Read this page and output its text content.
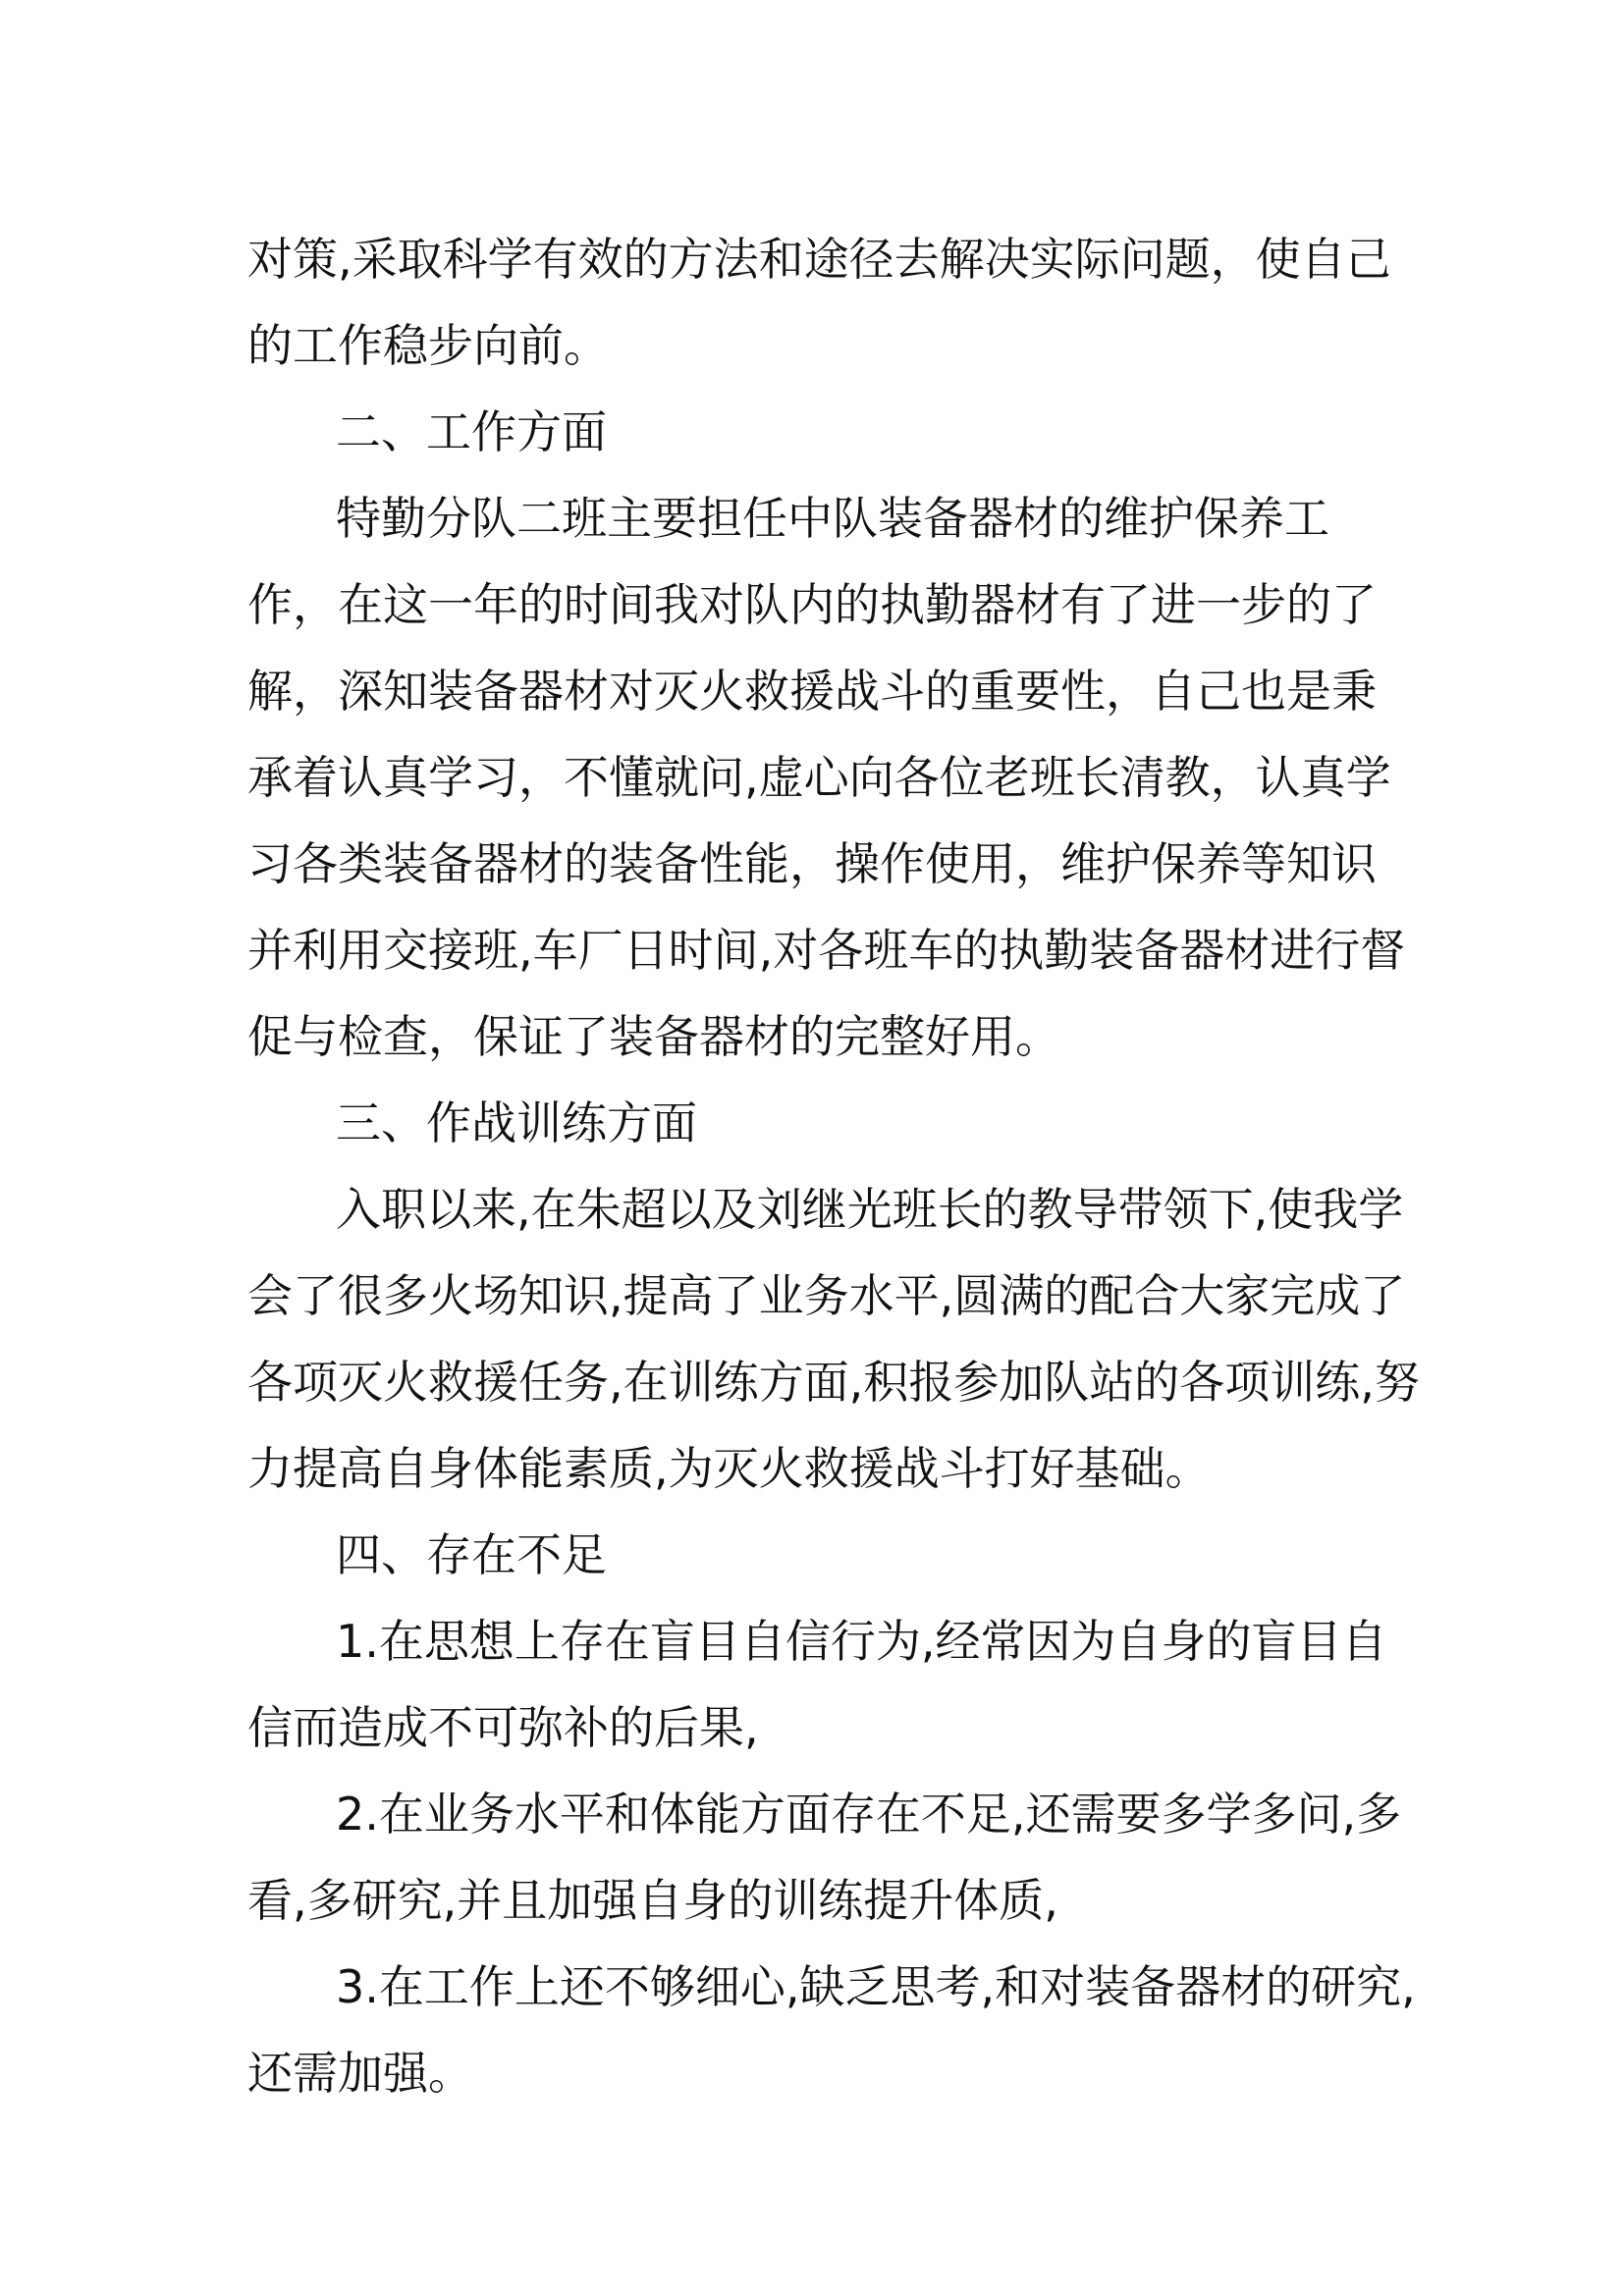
对策,采取科学有效的方法和途径去解决实际问题，使自己
的工作稳步向前。
二、工作方面
特勤分队二班主要担任中队装备器材的维护保养工
作，在这一年的时间我对队内的执勤器材有了进一步的了
解，深知装备器材对灭火救援战斗的重要性，自己也是秉
承着认真学习，不懂就问,虚心向各位老班长清教，认真学
习各类装备器材的装备性能，操作使用，维护保养等知识
并利用交接班,车厂日时间,对各班车的执勤装备器材进行督
促与检查，保证了装备器材的完整好用。
三、作战训练方面
入职以来,在朱超以及刘继光班长的教导带领下,使我学
会了很多火场知识,提高了业务水平,圆满的配合大家完成了
各项灭火救援任务,在训练方面,积报参加队站的各项训练,努
力提高自身体能素质,为灭火救援战斗打好基础。
四、存在不足
1.在思想上存在盲目自信行为,经常因为自身的盲目自
信而造成不可弥补的后果,
2.在业务水平和体能方面存在不足,还需要多学多问,多
看,多研究,并且加强自身的训练提升体质,
3.在工作上还不够细心,缺乏思考,和对装备器材的研究,
还需加强。
